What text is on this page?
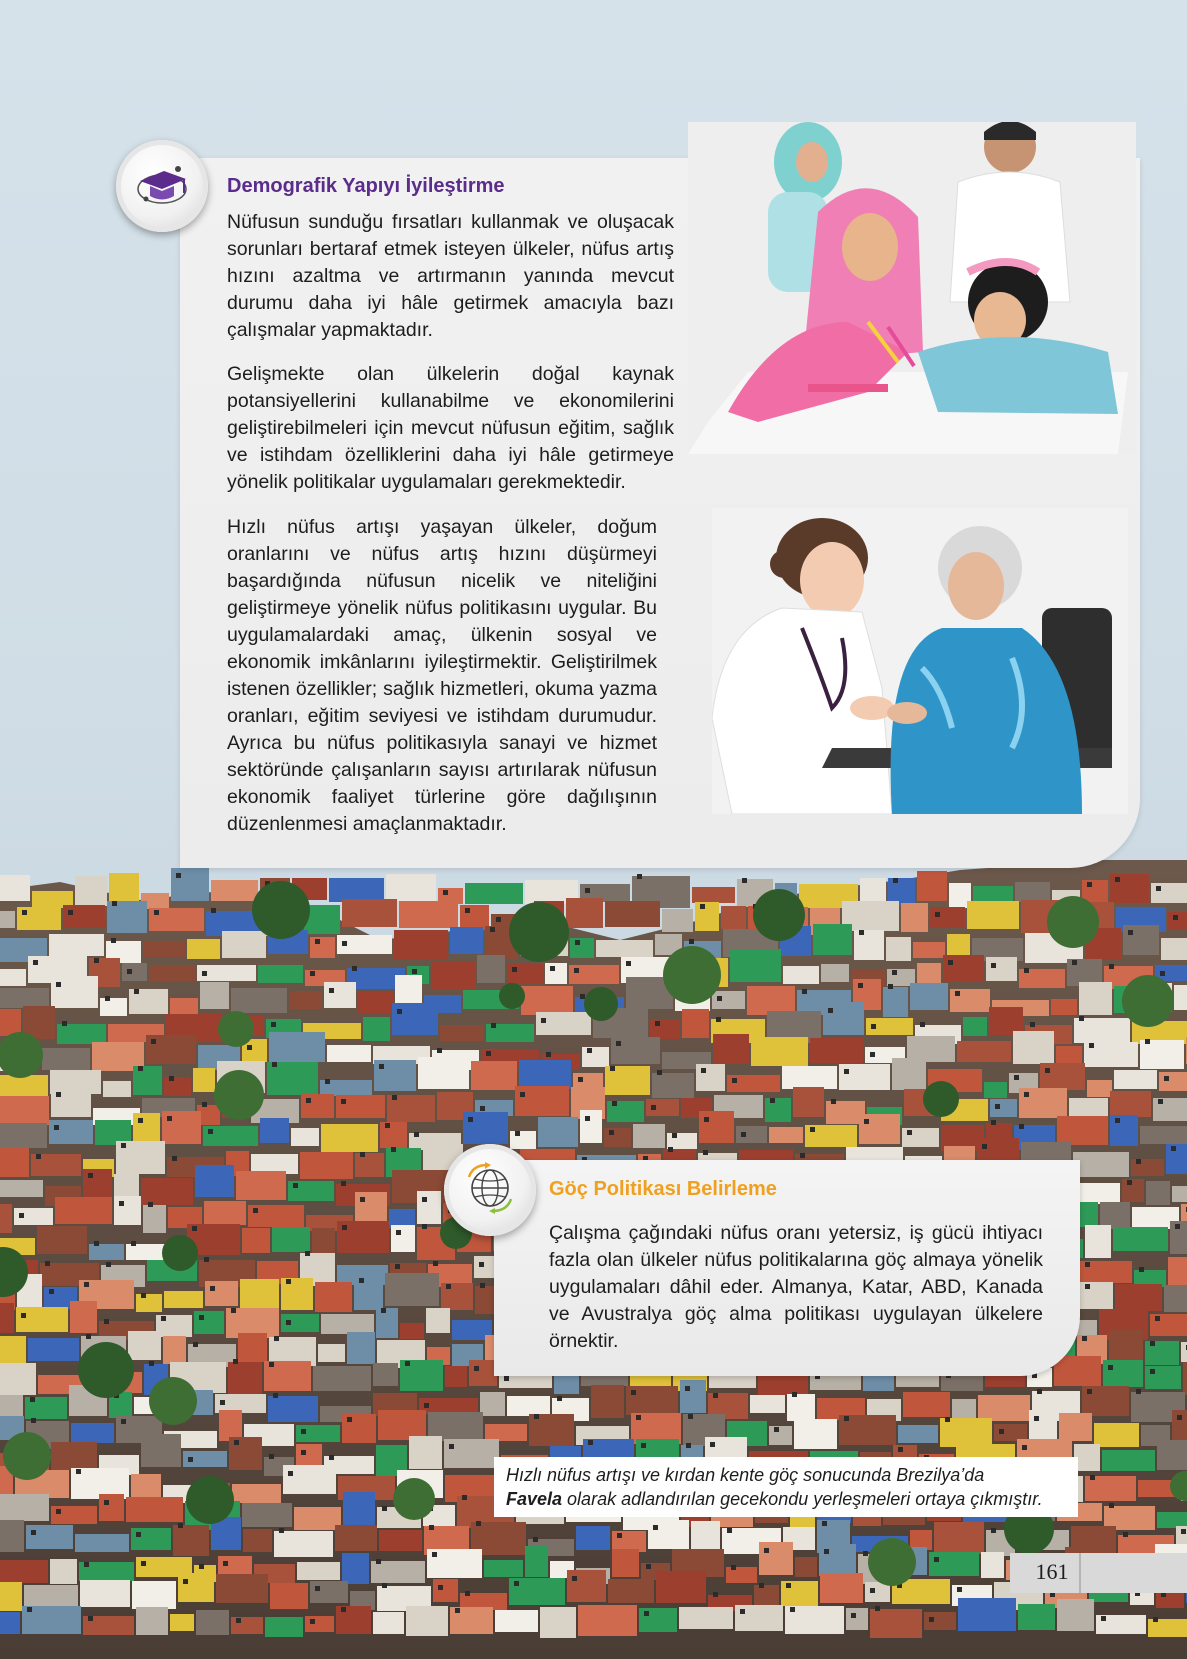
Demografik Yapıyı İyileştirme

Nüfusun sunduğu fırsatları kullanmak ve oluşacak sorunları bertaraf etmek isteyen ülkeler, nüfus artış hızını azaltma ve artırmanın yanında mevcut durumu daha iyi hâle getirmek amacıyla bazı çalışmalar yapmaktadır.

Gelişmekte olan ülkelerin doğal kaynak potansiyellerini kullanabilme ve ekonomilerini geliştirebilmeleri için mevcut nüfusun eğitim, sağlık ve istihdam özelliklerini daha iyi hâle getirmeye yönelik politikalar uygulamaları gerekmektedir.

Hızlı nüfus artışı yaşayan ülkeler, doğum oranlarını ve nüfus artış hızını düşürmeyi başardığında nüfusun nicelik ve niteliğini geliştirmeye yönelik nüfus politikasını uygular. Bu uygulamalardaki amaç, ülkenin sosyal ve ekonomik imkânlarını iyileştirmektir. Geliştirilmek istenen özellikler; sağlık hizmetleri, okuma yazma oranları, eğitim seviyesi ve istihdam durumudur. Ayrıca bu nüfus politikasıyla sanayi ve hizmet sektöründe çalışanların sayısı artırılarak nüfusun ekonomik faaliyet türlerine göre dağılışının düzenlenmesi amaçlanmaktadır.

Göç Politikası Belirleme

Çalışma çağındaki nüfus oranı yetersiz, iş gücü ihtiyacı fazla olan ülkeler nüfus politikalarına göç almaya yönelik uygulamaları dâhil eder. Almanya, Katar, ABD, Kanada ve Avustralya göç alma politikası uygulayan ülkelere örnektir.

Hızlı nüfus artışı ve kırdan kente göç sonucunda Brezilya’da
Favela olarak adlandırılan gecekondu yerleşmeleri ortaya çıkmıştır.
161
